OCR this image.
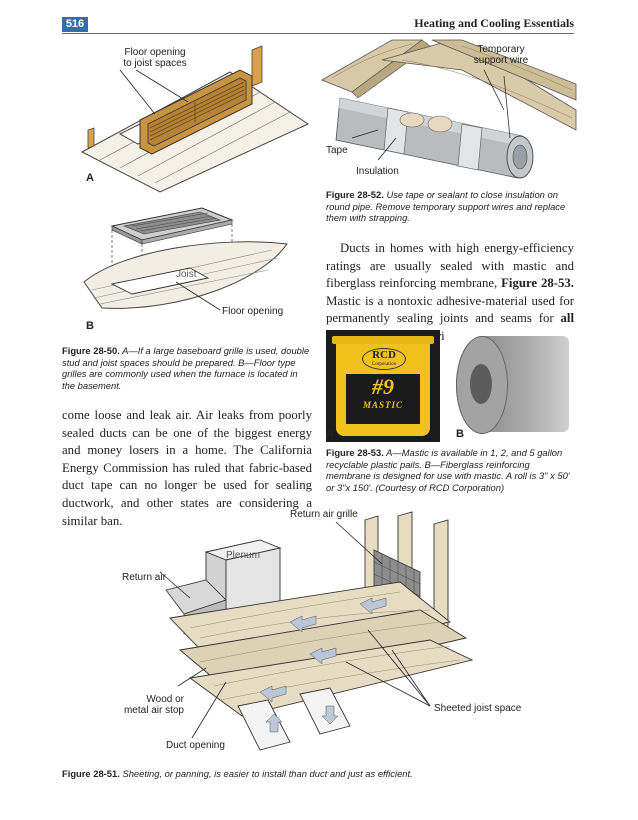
516	Heating and Cooling Essentials
Floor opening
to joist spaces
A
Joist
Floor opening
B
Figure 28-50. A—If a large baseboard grille is used, double stud and joist spaces should be prepared. B—Floor type grilles are commonly used when the furnace is located in the basement.
come loose and leak air. Air leaks from poorly sealed ducts can be one of the biggest energy and money losers in a home. The California Energy Commission has ruled that fabric-based duct tape can no longer be used for sealing ductwork, and other states are considering a similar ban.
Temporary
support wire
Tape
Insulation
Figure 28-52. Use tape or sealant to close insulation on round pipe. Remove temporary support wires and replace them with strapping.
Ducts in homes with high energy-efficiency ratings are usually sealed with mastic and fiberglass reinforcing membrane, Figure 28-53. Mastic is a nontoxic adhesive-material used for permanently sealing joints and seams for all
RCD
Corporation
#9
MASTIC
A	B
Figure 28-53. A—Mastic is available in 1, 2, and 5 gallon recyclable plastic pails. B—Fiberglass reinforcing membrane is designed for use with mastic. A roll is 3" x 50' or 3"x 150'. (Courtesy of RCD Corporation)
Return air grille
Return air
Plenum
Wood or
metal air stop	Sheeted joist space
Duct opening
Figure 28-51. Sheeting, or panning, is easier to install than duct and just as efficient.
